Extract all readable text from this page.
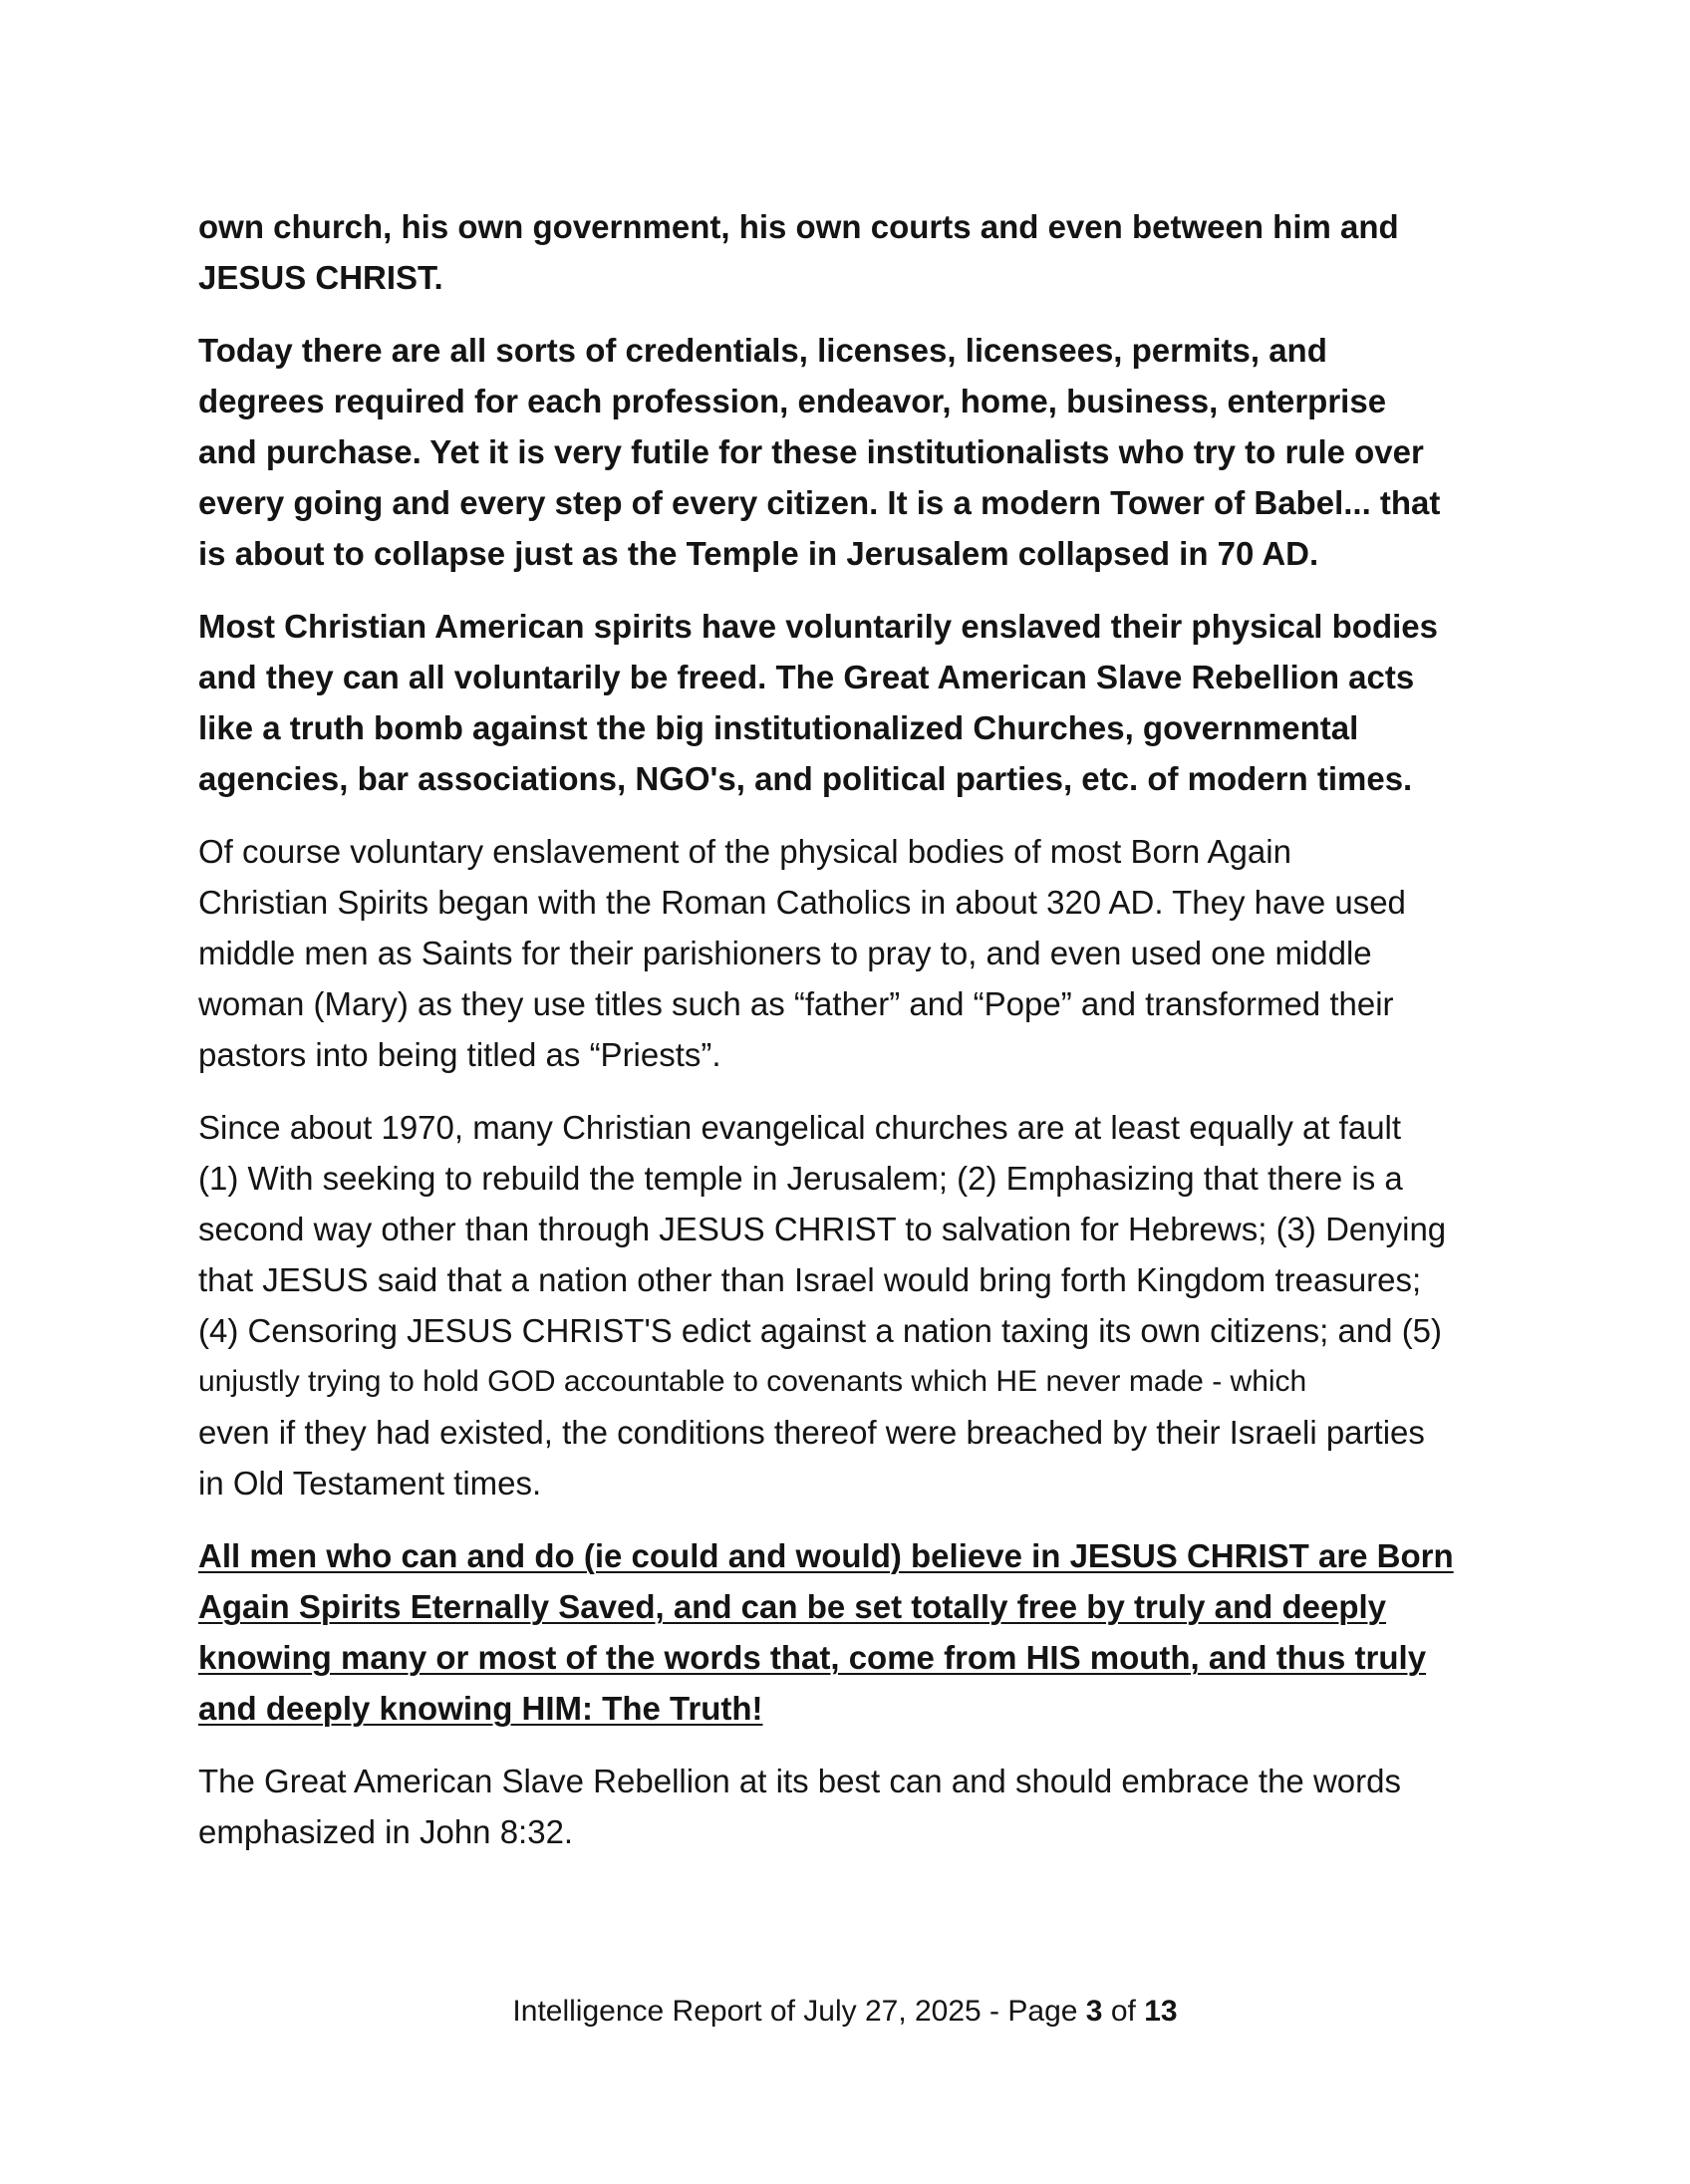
own church, his own government, his own courts and even between him and
JESUS CHRIST.

Today there are all sorts of credentials, licenses, licensees, permits, and
degrees required for each profession, endeavor, home, business, enterprise
and purchase. Yet it is very futile for these institutionalists who try to rule over
every going and every step of every citizen. It is a modern Tower of Babel... that
is about to collapse just as the Temple in Jerusalem collapsed in 70 AD.

Most Christian American spirits have voluntarily enslaved their physical bodies
and they can all voluntarily be freed. The Great American Slave Rebellion acts
like a truth bomb against the big institutionalized Churches, governmental
agencies, bar associations, NGO's, and political parties, etc. of modern times.

Of course voluntary enslavement of the physical bodies of most Born Again
Christian Spirits began with the Roman Catholics in about 320 AD. They have used
middle men as Saints for their parishioners to pray to, and even used one middle
woman (Mary) as they use titles such as “father” and “Pope” and transformed their
pastors into being titled as “Priests”.

Since about 1970, many Christian evangelical churches are at least equally at fault
(1) With seeking to rebuild the temple in Jerusalem; (2) Emphasizing that there is a
second way other than through JESUS CHRIST to salvation for Hebrews; (3) Denying
that JESUS said that a nation other than Israel would bring forth Kingdom treasures;
(4) Censoring JESUS CHRIST'S edict against a nation taxing its own citizens; and (5)
unjustly trying to hold GOD accountable to covenants which HE never made - which
even if they had existed, the conditions thereof were breached by their Israeli parties
in Old Testament times.

All men who can and do (ie could and would) believe in JESUS CHRIST are Born
Again Spirits Eternally Saved, and can be set totally free by truly and deeply
knowing many or most of the words that, come from HIS mouth, and thus truly
and deeply knowing HIM: The Truth!

The Great American Slave Rebellion at its best can and should embrace the words
emphasized in John 8:32.

Intelligence Report of July 27, 2025 - Page 3 of 13
